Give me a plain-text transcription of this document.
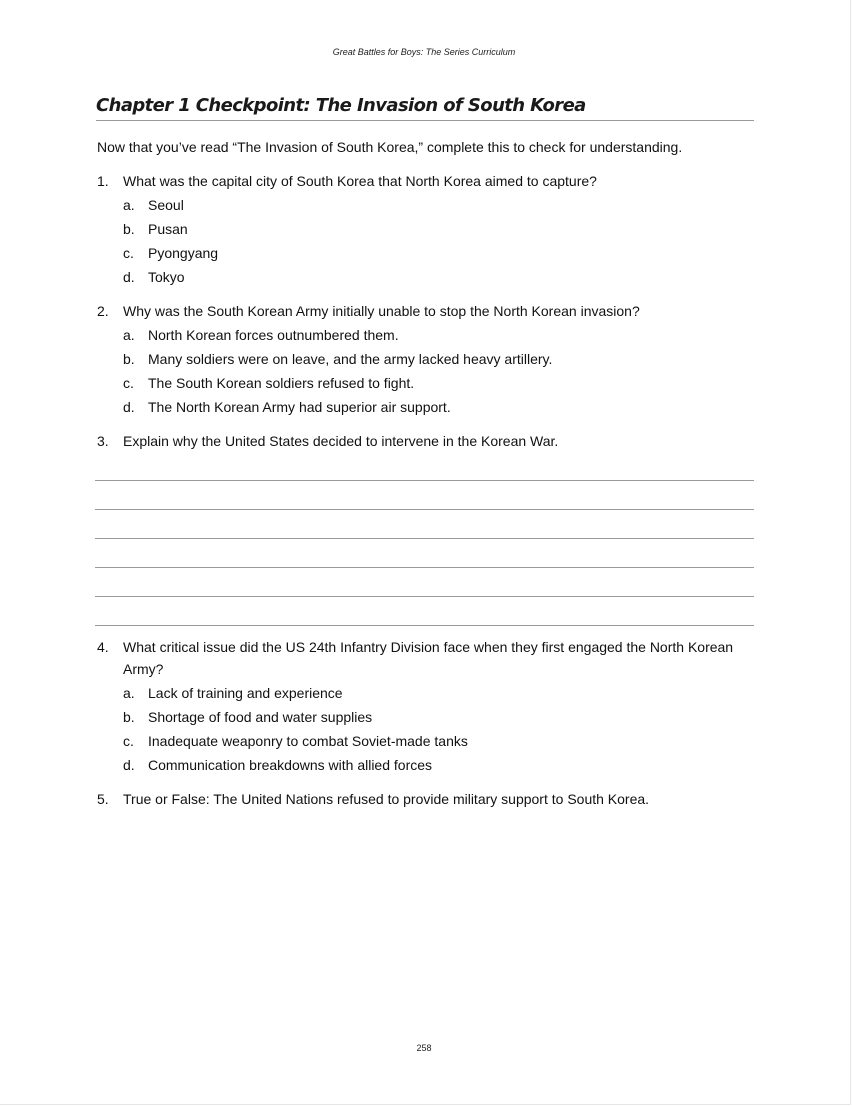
Great Battles for Boys: The Series Curriculum
Chapter 1 Checkpoint: The Invasion of South Korea
Now that you’ve read “The Invasion of South Korea,” complete this to check for understanding.
1.	What was the capital city of South Korea that North Korea aimed to capture?
a. Seoul
b. Pusan
c.	Pyongyang
d. Tokyo
2.	Why was the South Korean Army initially unable to stop the North Korean invasion?
a. North Korean forces outnumbered them.
b. Many soldiers were on leave, and the army lacked heavy artillery.
c.	The South Korean soldiers refused to fight.
d. The North Korean Army had superior air support.
3.	Explain why the United States decided to intervene in the Korean War.
4.	What critical issue did the US 24th Infantry Division face when they first engaged the North Korean Army?
a. Lack of training and experience
b. Shortage of food and water supplies
c.	Inadequate weaponry to combat Soviet-made tanks
d. Communication breakdowns with allied forces
5.	True or False: The United Nations refused to provide military support to South Korea.
258
